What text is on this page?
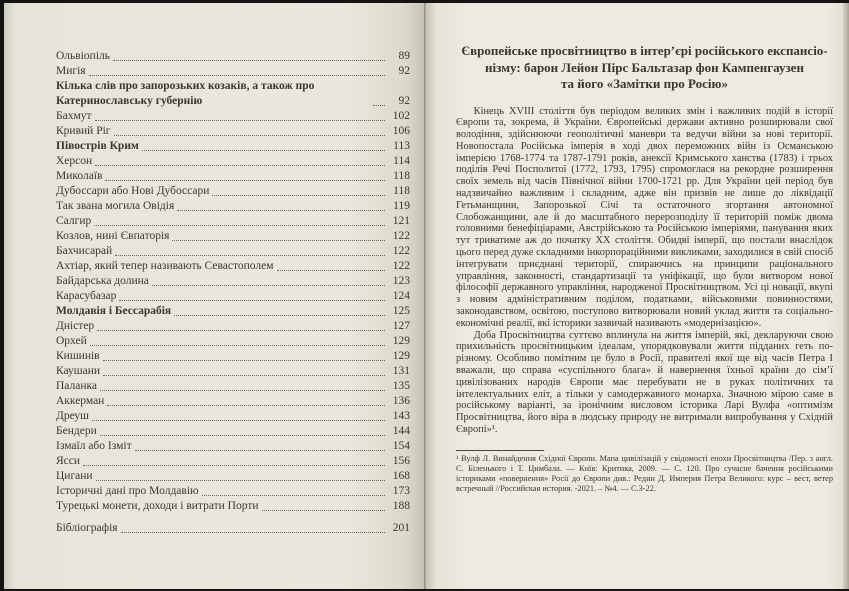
Ольвіопіль	89
Мигія	92
Кілька слів про запорозьких козаків, а також про Катеринославську губернію	92
Бахмут	102
Кривий Ріг	106
Півострів Крим	113
Херсон	114
Миколаїв	118
Дубоссари або Нові Дубоссари	118
Так звана могила Овідія	119
Салгир	121
Козлов, нині Євпаторія	122
Бахчисарай	122
Ахтіар, який тепер називають Севастополем	122
Байдарська долина	123
Карасубазар	124
Молдавія і Бессарабія	125
Дністер	127
Орхей	129
Кишинів	129
Каушани	131
Паланка	135
Аккерман	136
Дреуш	143
Бендери	144
Ізмаїл або Ізміт	154
Ясси	156
Цигани	168
Історичні дані про Молдавію	173
Турецькі монети, доходи і витрати Порти	188
Бібліографія	201
Європейське просвітництво в інтер’єрі російського експансіо-
нізму: барон Лейон Пірс Бальтазар фон Кампенгаузен
та його «Замітки про Росію»

Кінець XVIII століття був періодом великих змін і важливих подій в історії Європи та, зокрема, й України. Європейські держави активно розширювали свої володіння, здійснюючи геополітичні маневри та ведучи війни за нові території. Новопостала Російська імперія в ході двох переможних війн із Османською імперією 1768-1774 та 1787-1791 років, анексії Кримського ханства (1783) і трьох поділів Речі Посполитої (1772, 1793, 1795) спромоглася на рекордне розширення своїх земель від часів Північної війни 1700-1721 рр. Для України цей період був надзвичайно важливим і складним, адже він призвів не лише до ліквідації Гетьманщини, Запорозької Січі та остаточного згортання автономної Слобожанщини, але й до масштабного перерозподілу її територій поміж двома головними бенефіціарами, Австрійською та Російською імперіями, панування яких тут триватиме аж до початку XX століття. Обидві імперії, що постали внаслідок цього перед дуже складними інкорпораційними викликами, заходилися в свій спосіб інтегрувати приєднані території, спираючись на принципи раціонального управління, законності, стандартизації та уніфікації, що були витвором нової філософії державного управління, народженої Просвітництвом. Усі ці новації, вкупі з новим адміністративним поділом, податками, військовими повинностями, законодавством, освітою, поступово витворювали новий уклад життя та соціально-економічні реалії, які історики зазвичай називають «модернізацією».

Доба Просвітництва суттєво вплинула на життя імперій, які, декларуючи свою прихильність просвітницьким ідеалам, упорядковували життя підданих геть по-різному. Особливо помітним це було в Росії, правителі якої ще від часів Петра І вважали, що справа «суспільного блага» й навернення їхньої країни до сім’ї цивілізованих народів Європи має перебувати не в руках політичних та інтелектуальних еліт, а тільки у самодержавного монарха. Значною мірою саме в російському варіанті, за іронічним висловом історика Ларі Вулфа «оптимізм Просвітництва, його віра в людську природу не витримали випробування у Східній Європі»¹.

¹ Вулф Л. Винайдення Східної Європи. Мапа цивілізацій у свідомості епохи Просвітництва /Пер. з англ. С. Біленького і Т. Цимбала. — Київ: Критика, 2009. — С. 120. Про сучасне бачення російськими істориками «повернення» Росії до Європи див.: Редин Д. Империя Петра Великого: курс – вест, ветер встречный //Российская история. -2021. – №4. — С.3-22.
